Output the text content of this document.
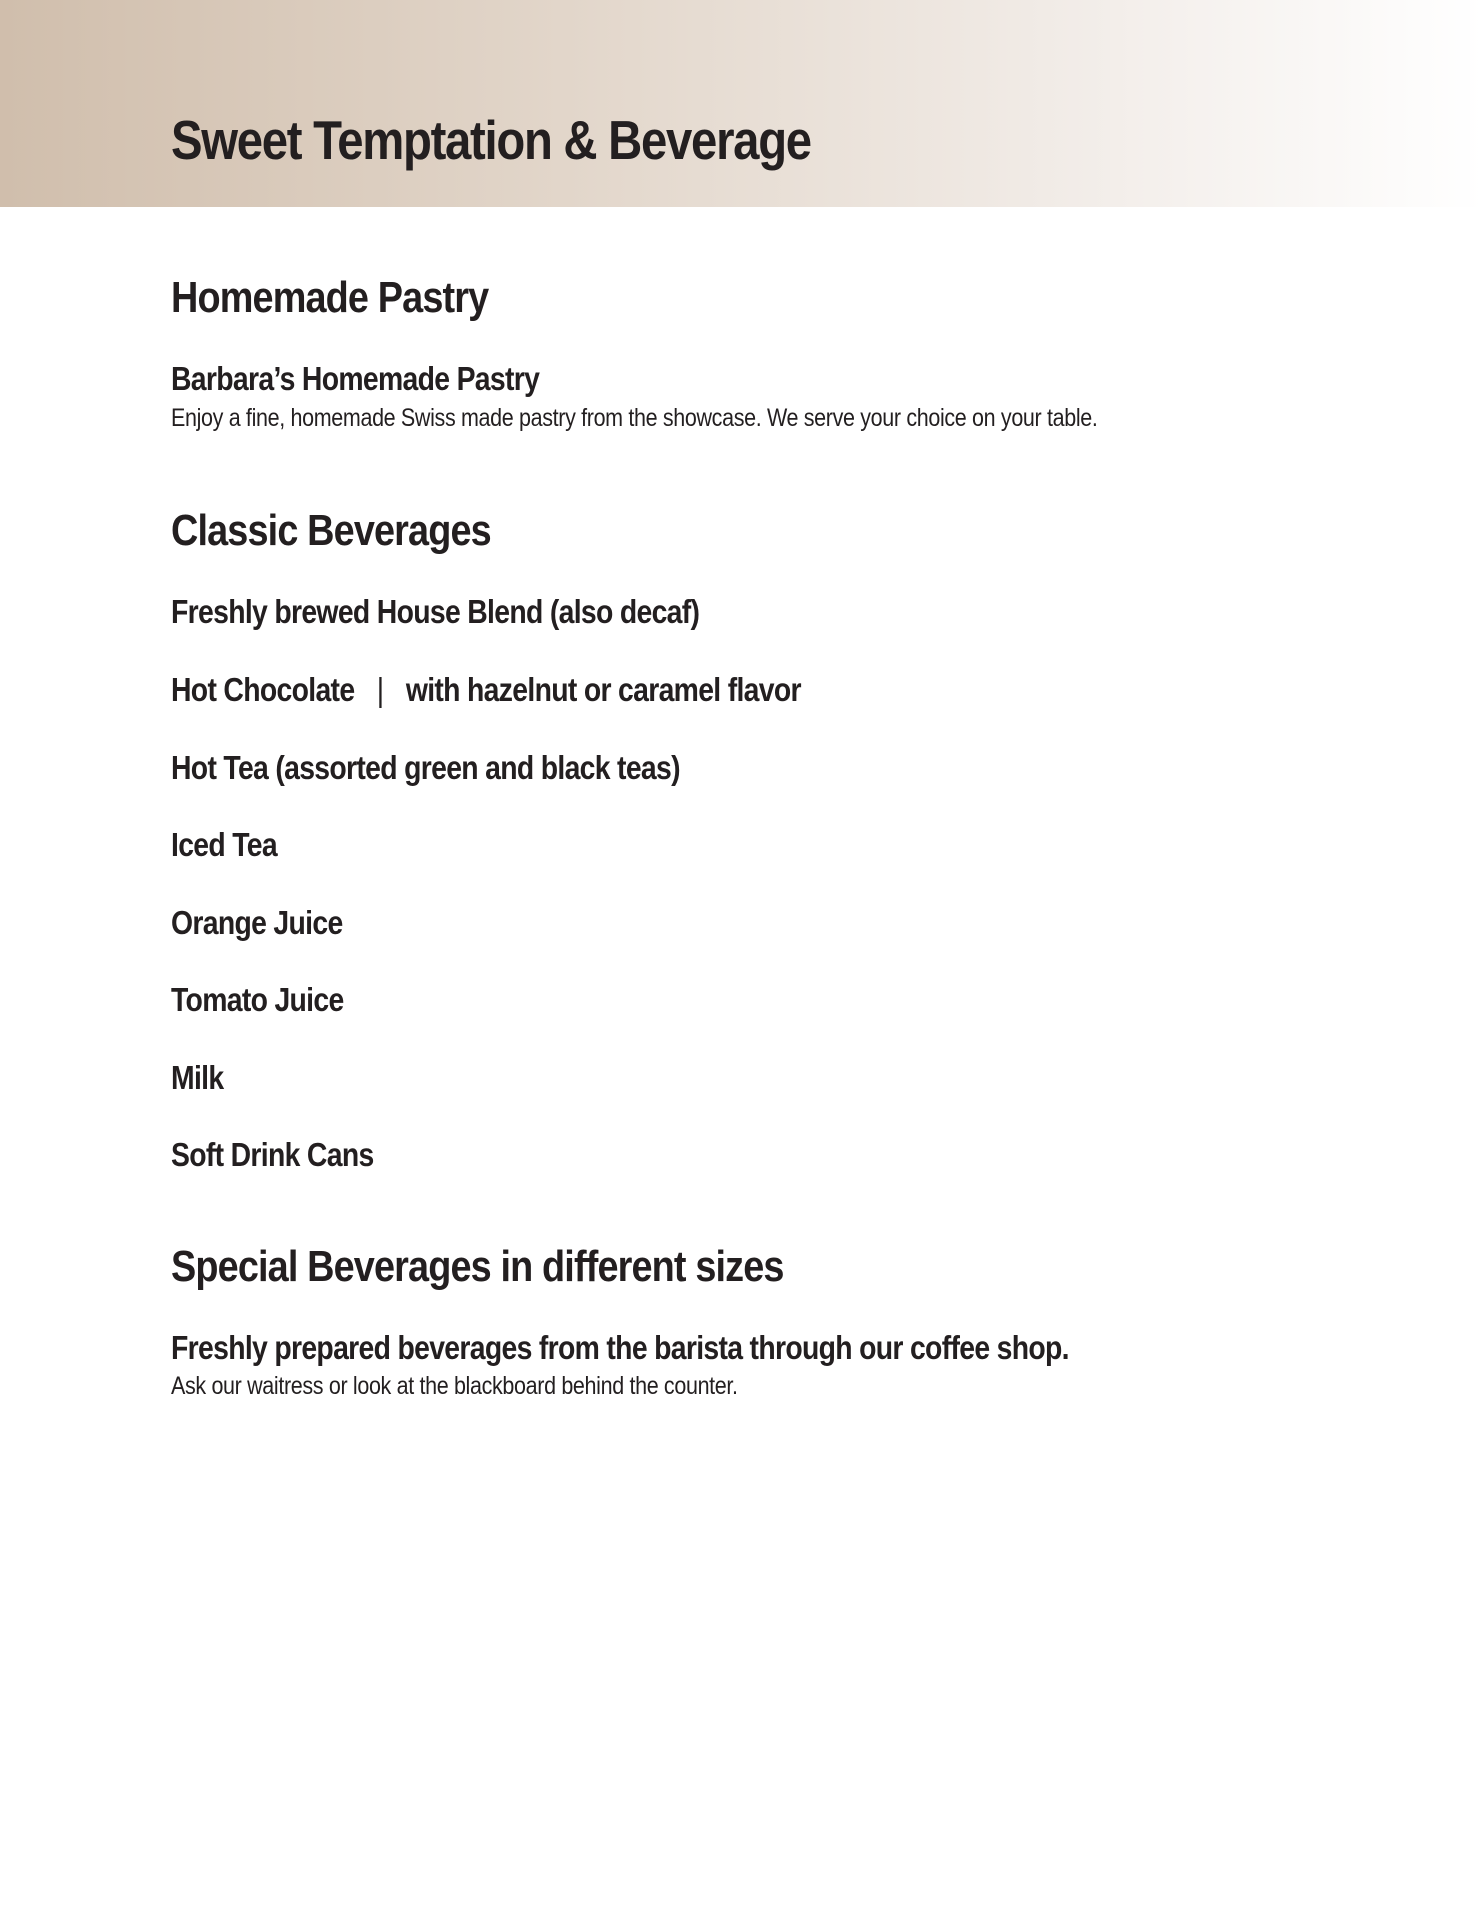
Sweet Temptation & Beverage
Homemade Pastry
Barbara’s Homemade Pastry
Enjoy a fine, homemade Swiss made pastry from the showcase. We serve your choice on your table.
Classic Beverages
Freshly brewed House Blend (also decaf)
Hot Chocolate | with hazelnut or caramel flavor
Hot Tea (assorted green and black teas)
Iced Tea
Orange Juice
Tomato Juice
Milk
Soft Drink Cans
Special Beverages in different sizes
Freshly prepared beverages from the barista through our coffee shop.
Ask our waitress or look at the blackboard behind the counter.
